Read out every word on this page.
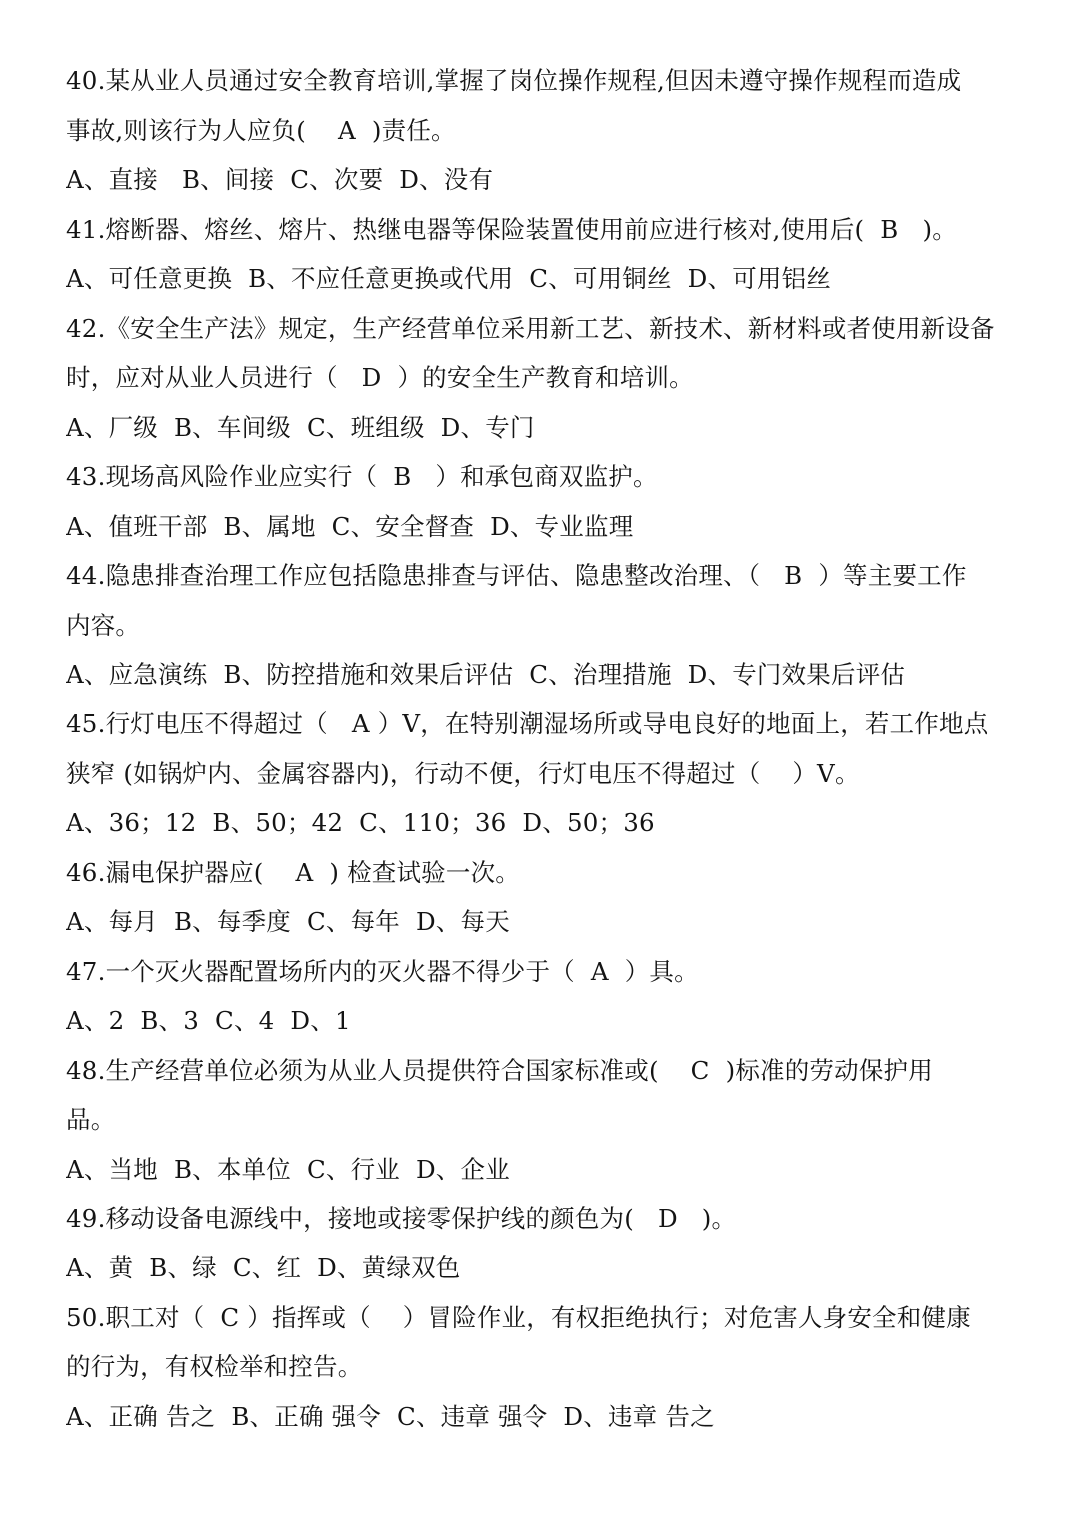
40.某从业人员通过安全教育培训,掌握了岗位操作规程,但因未遵守操作规程而造成
事故,则该行为人应负(    A  )责任。
A、直接   B、间接  C、次要  D、没有
41.熔断器、熔丝、熔片、热继电器等保险装置使用前应进行核对,使用后(  B   )。
A、可任意更换  B、不应任意更换或代用  C、可用铜丝  D、可用铝丝
42.《安全生产法》规定，生产经营单位采用新工艺、新技术、新材料或者使用新设备
时，应对从业人员进行（   D  ）的安全生产教育和培训。
A、厂级  B、车间级  C、班组级  D、专门
43.现场高风险作业应实行（  B   ）和承包商双监护。
A、值班干部  B、属地  C、安全督查  D、专业监理
44.隐患排查治理工作应包括隐患排查与评估、隐患整改治理、（   B  ）等主要工作
内容。
A、应急演练  B、防控措施和效果后评估  C、治理措施  D、专门效果后评估
45.行灯电压不得超过（   A ）V，在特别潮湿场所或导电良好的地面上，若工作地点
狭窄 (如锅炉内、金属容器内)，行动不便，行灯电压不得超过（    ）V。
A、36；12  B、50；42  C、110；36  D、50；36
46.漏电保护器应(    A  ) 检查试验一次。
A、每月  B、每季度  C、每年  D、每天
47.一个灭火器配置场所内的灭火器不得少于（  A  ）具。
A、2  B、3  C、4  D、1
48.生产经营单位必须为从业人员提供符合国家标准或(    C  )标准的劳动保护用
品。
A、当地  B、本单位  C、行业  D、企业
49.移动设备电源线中，接地或接零保护线的颜色为(   D   )。
A、黄  B、绿  C、红  D、黄绿双色
50.职工对（  C ）指挥或（    ）冒险作业，有权拒绝执行；对危害人身安全和健康
的行为，有权检举和控告。
A、正确 告之  B、正确 强令  C、违章 强令  D、违章 告之
